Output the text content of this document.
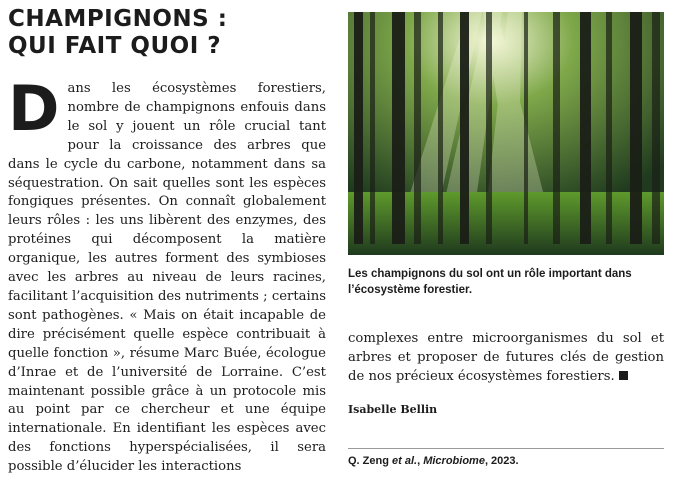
CHAMPIGNONS :
QUI FAIT QUOI ?

Dans les écosystèmes forestiers, nombre de champignons enfouis dans le sol y jouent un rôle crucial tant pour la croissance des arbres que dans le cycle du carbone, notamment dans sa séquestration. On sait quelles sont les espèces fongiques présentes. On connaît globalement leurs rôles : les uns libèrent des enzymes, des protéines qui décomposent la matière organique, les autres forment des symbioses avec les arbres au niveau de leurs racines, facilitant l’acquisition des nutriments ; certains sont pathogènes. « Mais on était incapable de dire précisément quelle espèce contribuait à quelle fonction », résume Marc Buée, écologue d’Inrae et de l’université de Lorraine. C’est maintenant possible grâce à un protocole mis au point par ce chercheur et une équipe internationale. En identifiant les espèces avec des fonctions hyperspécialisées, il sera possible d’élucider les interactions

Les champignons du sol ont un rôle important dans l’écosystème forestier.

complexes entre microorganismes du sol et arbres et proposer de futures clés de gestion de nos précieux écosystèmes forestiers.

Isabelle Bellin
Q. Zeng et al., Microbiome, 2023.
